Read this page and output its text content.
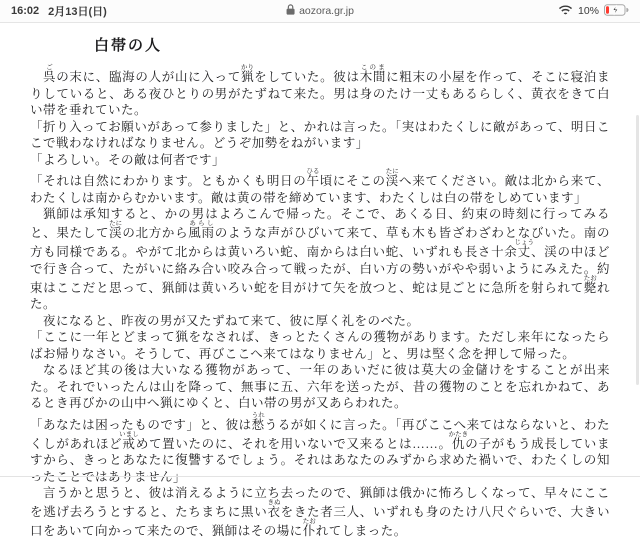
16:02 2月13日(日)	aozora.gr.jp	10%
白帯の人

呉ごの末に、臨海の人が山に入って猟かりをしていた。彼は木間このまに粗末の小屋を作って、そこに寝泊まりしていると、ある夜ひとりの男がたずねて来た。男は身のたけ一丈もあるらしく、黄衣をきて白い帯を垂れていた。

「折り入ってお願いがあって参りました」と、かれは言った。「実はわたくしに敵があって、明日ここで戦わなければなりません。どうぞ加勢をねがいます」

「よろしい。その敵は何者です」

「それは自然にわかります。ともかくも明日の午ひる頃にそこの渓たにへ来てください。敵は北から来て、わたくしは南からむかいます。敵は黄の帯を締めています、わたくしは白の帯をしめています」

猟師は承知すると、かの男はよろこんで帰った。そこで、あくる日、約束の時刻に行ってみると、果たして渓たにの北方から風雨あらしのような声がひびいて来て、草も木も皆ざわざわとなびいた。南の方も同様である。やがて北からは黄いろい蛇、南からは白い蛇、いずれも長さ十余丈じょう、渓の中ほどで行き合って、たがいに絡み合い咬み合って戦ったが、白い方の勢いがやや弱いようにみえた。約束はここだと思って、猟師は黄いろい蛇を目がけて矢を放つと、蛇は見ごとに急所を射られて斃たおれた。

夜になると、昨夜の男が又たずねて来て、彼に厚く礼をのべた。

「ここに一年とどまって猟をなされば、きっとたくさんの獲物があります。ただし来年になったらばお帰りなさい。そうして、再びここへ来てはなりません」と、男は堅く念を押して帰った。

なるほど其の後は大いなる獲物があって、一年のあいだに彼は莫大の金儲けをすることが出来た。それでいったんは山を降って、無事に五、六年を送ったが、昔の獲物のことを忘れかねて、あるとき再びかの山中へ猟にゆくと、白い帯の男が又あらわれた。

「あなたは困ったものです」と、彼は愁うれうるが如くに言った。「再びここへ来てはならないと、わたくしがあれほど戒いましめて置いたのに、それを用いないで又来るとは……。仇かたきの子がもう成長していますから、きっとあなたに復讐するでしょう。それはあなたのみずから求めた禍いで、わたくしの知ったことではありません」

言うかと思うと、彼は消えるように立ち去ったので、猟師は俄かに怖ろしくなって、早々にここを逃げ去ろうとすると、たちまちに黒い衣きぬをきた者三人、いずれも身のたけ八尺ぐらいで、大きい口をあいて向かって来たので、猟師はその場に仆たおれてしまった。
